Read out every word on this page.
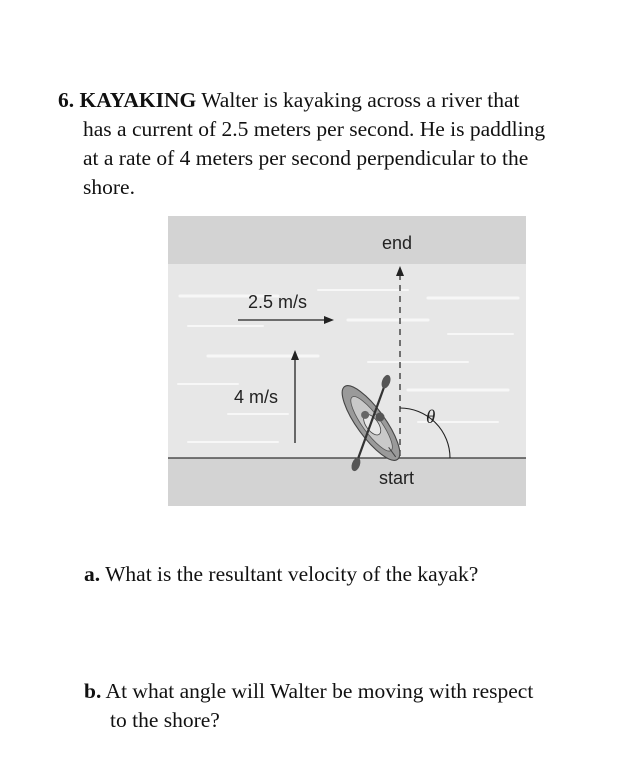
6. KAYAKING Walter is kayaking across a river that
has a current of 2.5 meters per second. He is paddling
at a rate of 4 meters per second perpendicular to the
shore.
end
start
2.5 m/s
4 m/s
θ
a. What is the resultant velocity of the kayak?
b. At what angle will Walter be moving with respect
to the shore?
